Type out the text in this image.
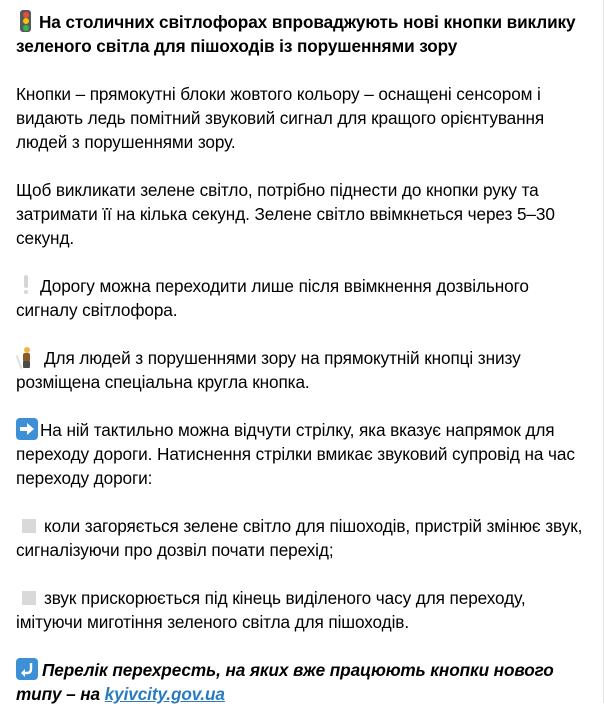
На столичних світлофорах впроваджують нові кнопки виклику зеленого світла для пішоходів із порушеннями зору
Кнопки – прямокутні блоки жовтого кольору – оснащені сенсором і видають ледь помітний звуковий сигнал для кращого орієнтування людей з порушеннями зору.
Щоб викликати зелене світло, потрібно піднести до кнопки руку та затримати її на кілька секунд. Зелене світло ввімкнеться через 5–30 секунд.
Дорогу можна переходити лише після ввімкнення дозвільного сигналу світлофора.
Для людей з порушеннями зору на прямокутній кнопці знизу розміщена спеціальна кругла кнопка.
На ній тактильно можна відчути стрілку, яка вказує напрямок для переходу дороги. Натиснення стрілки вмикає звуковий супровід на час переходу дороги:
коли загоряється зелене світло для пішоходів, пристрій змінює звук, сигналізуючи про дозвіл почати перехід;
звук прискорюється під кінець виділеного часу для переходу, імітуючи миготіння зеленого світла для пішоходів.
Перелік перехресть, на яких вже працюють кнопки нового типу – на kyivcity.gov.ua
